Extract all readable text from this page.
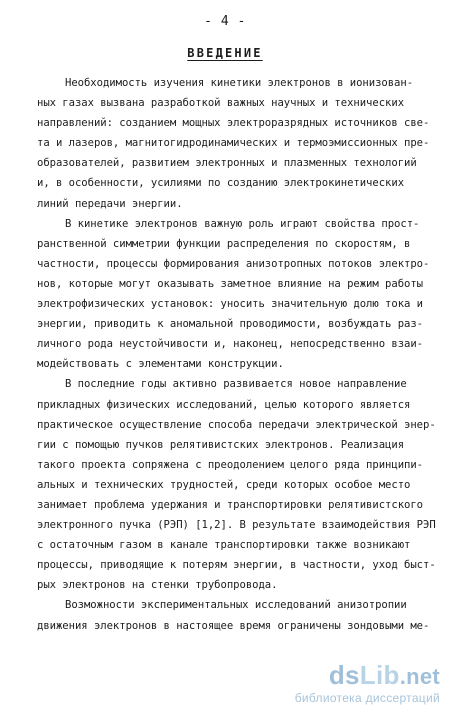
- 4 -
ВВЕДЕНИЕ
Необходимость изучения кинетики электронов в ионизован-
ных газах вызвана разработкой важных научных и технических
направлений: созданием мощных электроразрядных источников све-
та и лазеров, магнитогидродинамических и термоэмиссионных пре-
образователей, развитием электронных и плазменных технологий
и, в особенности, усилиями по созданию электрокинетических
линий передачи энергии.
В кинетике электронов важную роль играют свойства прост-
ранственной симметрии функции распределения по скоростям, в
частности, процессы формирования анизотропных потоков электро-
нов, которые могут оказывать заметное влияние на режим работы
электрофизических установок: уносить значительную долю тока и
энергии, приводить к аномальной проводимости, возбуждать раз-
личного рода неустойчивости и, наконец, непосредственно взаи-
модействовать с элементами конструкции.
В последние годы активно развивается новое направление
прикладных физических исследований, целью которого является
практическое осуществление способа передачи электрической энер-
гии с помощью пучков релятивистских электронов. Реализация
такого проекта сопряжена с преодолением целого ряда принципи-
альных и технических трудностей, среди которых особое место
занимает проблема удержания и транспортировки релятивистского
электронного пучка (РЭП) [1,2]. В результате взаимодействия РЭП
с остаточным газом в канале транспортировки также возникают
процессы, приводящие к потерям энергии, в частности, уход быст-
рых электронов на стенки трубопровода.
Возможности экспериментальных исследований анизотропии
движения электронов в настоящее время ограничены зондовыми ме-
dsLib.net
библиотека диссертаций
